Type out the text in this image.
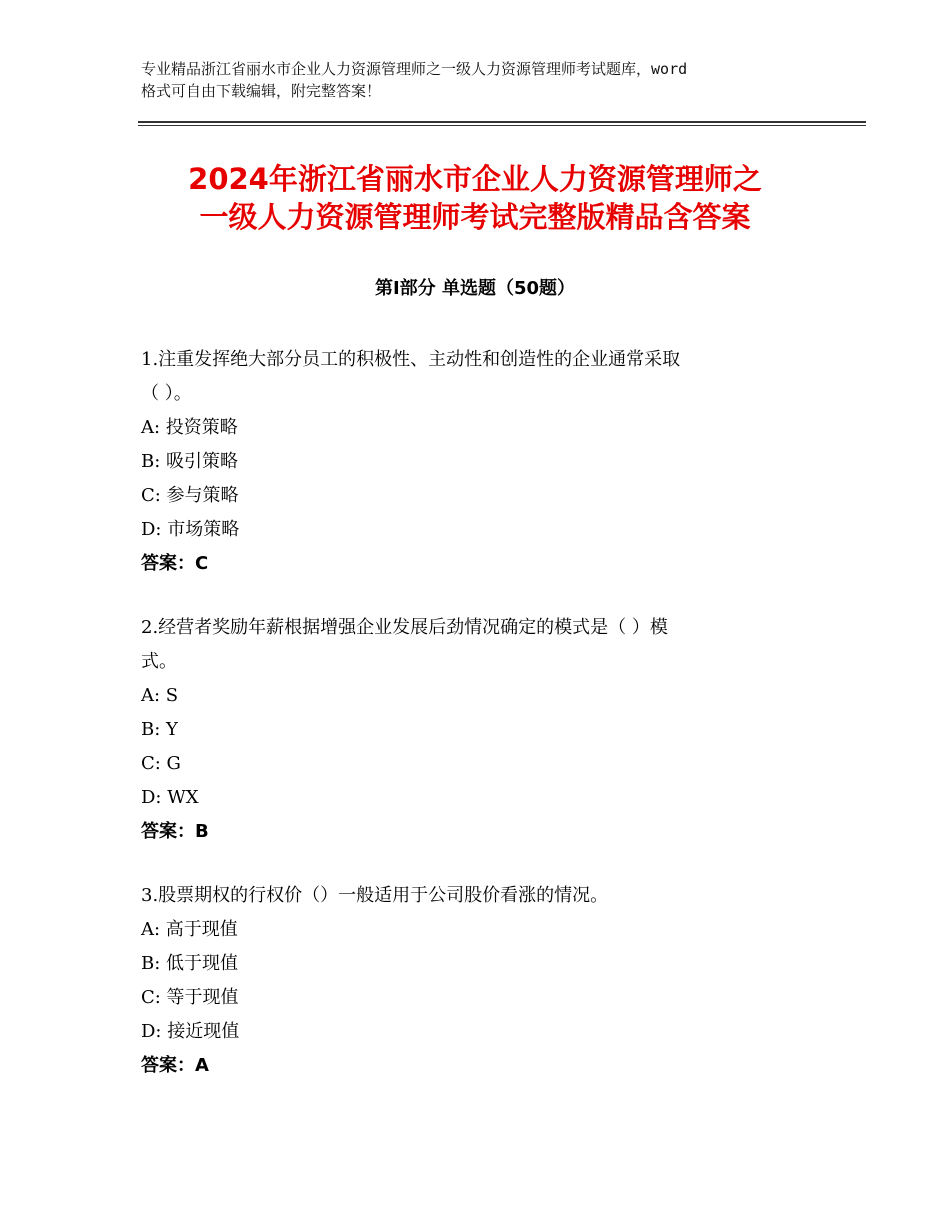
专业精品浙江省丽水市企业人力资源管理师之一级人力资源管理师考试题库，word
格式可自由下载编辑，附完整答案！
2024年浙江省丽水市企业人力资源管理师之
一级人力资源管理师考试完整版精品含答案
第Ⅰ部分 单选题（50题）
1.注重发挥绝大部分员工的积极性、主动性和创造性的企业通常采取
（ ）。
A: 投资策略
B: 吸引策略
C: 参与策略
D: 市场策略
答案：C
2.经营者奖励年薪根据增强企业发展后劲情况确定的模式是（ ）模
式。
A: S
B: Y
C: G
D: WX
答案：B
3.股票期权的行权价（）一般适用于公司股价看涨的情况。
A: 高于现值
B: 低于现值
C: 等于现值
D: 接近现值
答案：A
